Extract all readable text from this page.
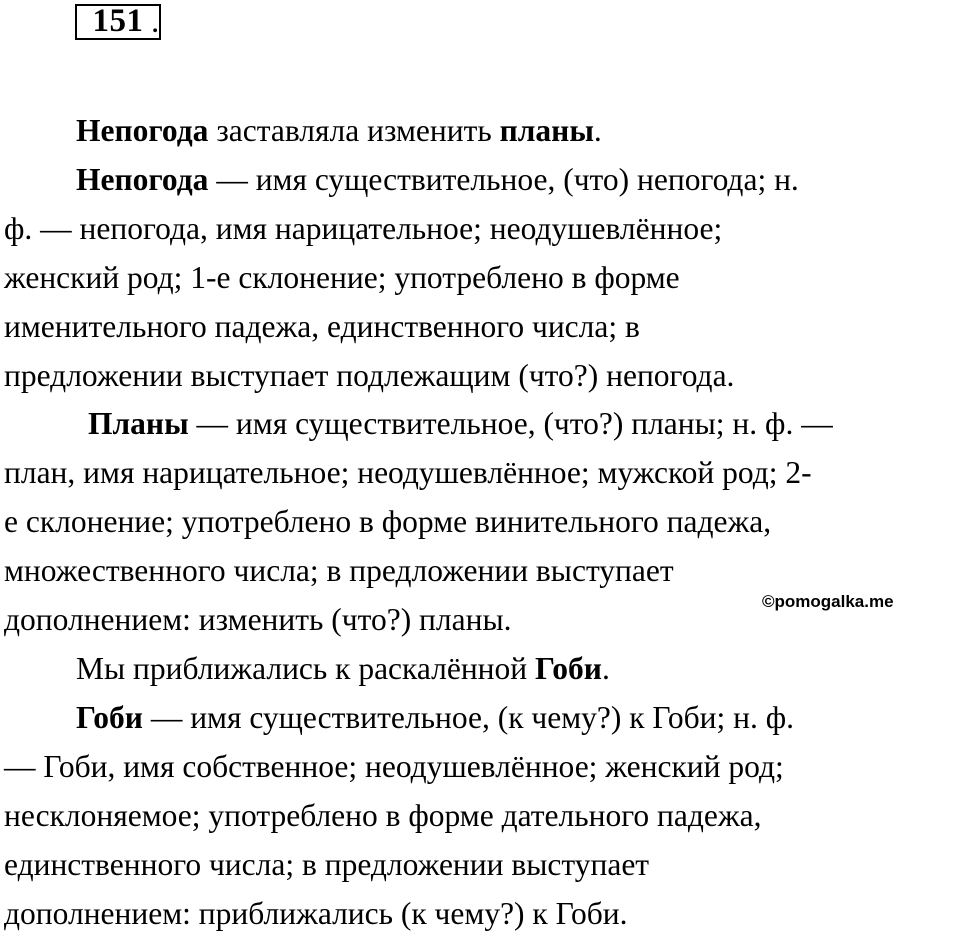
151 .

Непогода заставляла изменить планы.

Непогода — имя существительное, (что) непогода; н.
ф. — непогода, имя нарицательное; неодушевлённое;
женский род; 1-е склонение; употреблено в форме
именительного падежа, единственного числа; в
предложении выступает подлежащим (что?) непогода.

Планы — имя существительное, (что?) планы; н. ф. —
план, имя нарицательное; неодушевлённое; мужской род; 2-
е склонение; употреблено в форме винительного падежа,
множественного числа; в предложении выступает
дополнением: изменить (что?) планы.

Мы приближались к раскалённой Гоби.

Гоби — имя существительное, (к чему?) к Гоби; н. ф.
— Гоби, имя собственное; неодушевлённое; женский род;
несклоняемое; употреблено в форме дательного падежа,
единственного числа; в предложении выступает
дополнением: приближались (к чему?) к Гоби.

©pomogalka.me
